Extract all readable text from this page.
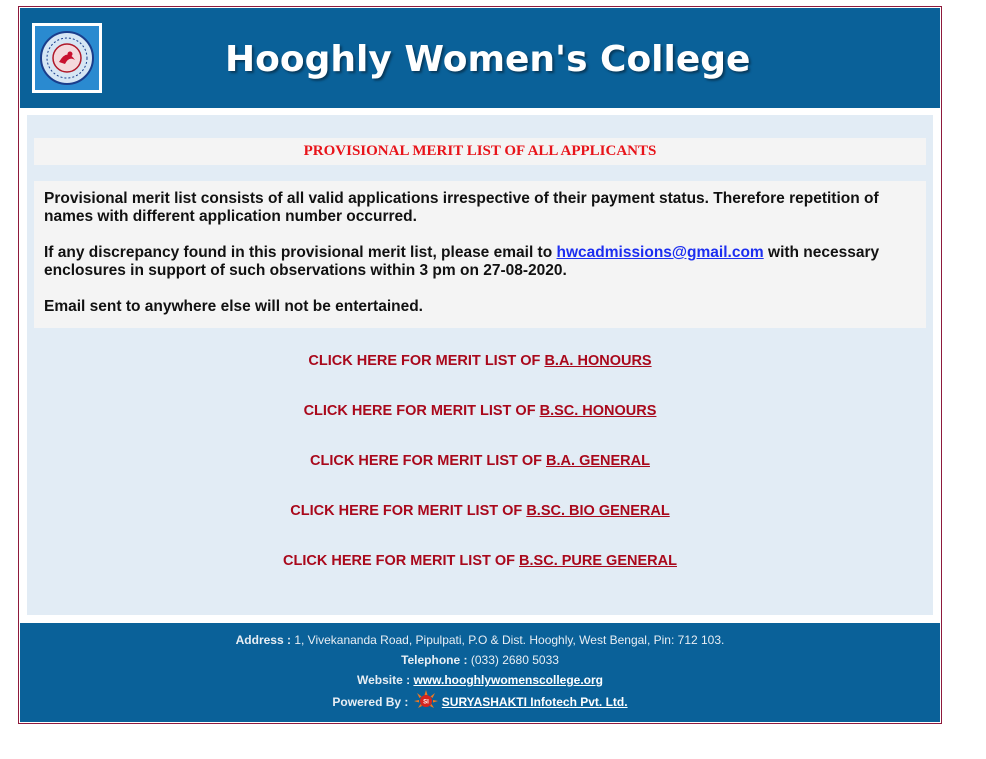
Hooghly Women's College
PROVISIONAL MERIT LIST OF ALL APPLICANTS

Provisional merit list consists of all valid applications irrespective of their payment status. Therefore repetition of names with different application number occurred.

If any discrepancy found in this provisional merit list, please email to hwcadmissions@gmail.com with necessary enclosures in support of such observations within 3 pm on 27-08-2020.

Email sent to anywhere else will not be entertained.

CLICK HERE FOR MERIT LIST OF B.A. HONOURS
CLICK HERE FOR MERIT LIST OF B.SC. HONOURS
CLICK HERE FOR MERIT LIST OF B.A. GENERAL
CLICK HERE FOR MERIT LIST OF B.SC. BIO GENERAL
CLICK HERE FOR MERIT LIST OF B.SC. PURE GENERAL
Address : 1, Vivekananda Road, Pipulpati, P.O & Dist. Hooghly, West Bengal, Pin: 712 103.
Telephone : (033) 2680 5033
Website : www.hooghlywomenscollege.org
Powered By : SI SURYASHAKTI Infotech Pvt. Ltd.
